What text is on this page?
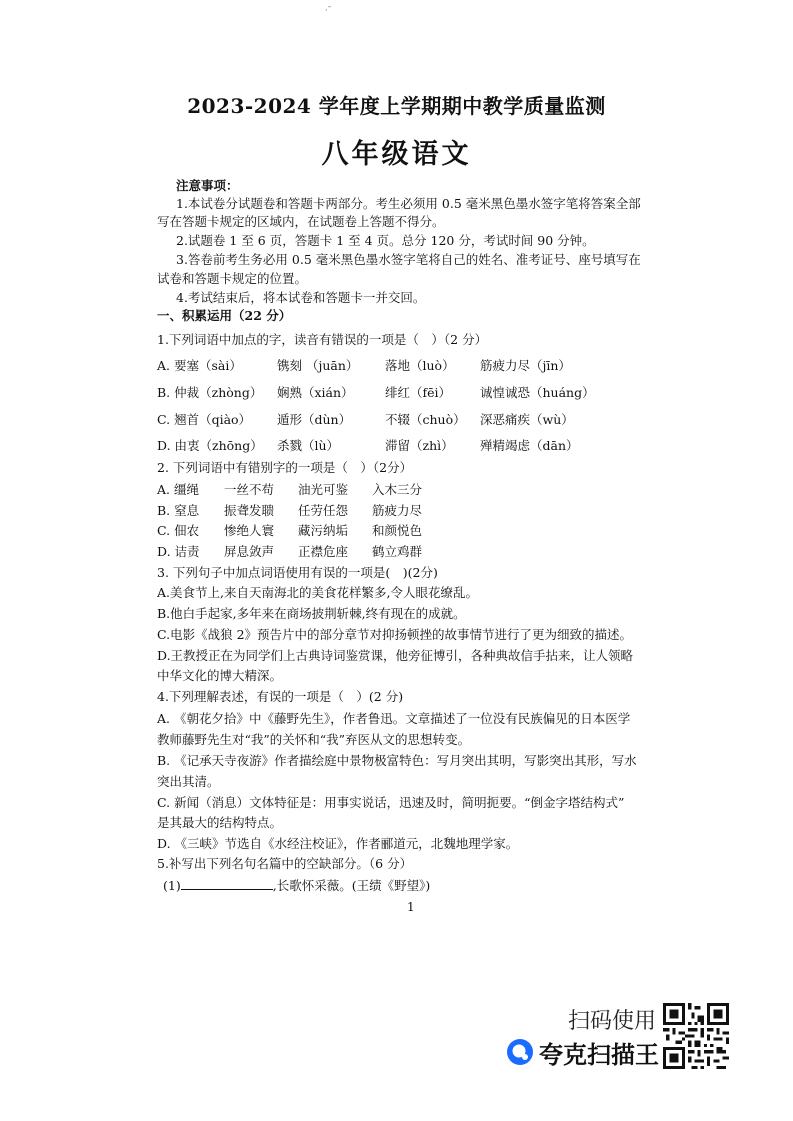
·ˉ
2023-2024 学年度上学期期中教学质量监测
八年级语文
注意事项：
1.本试卷分试题卷和答题卡两部分。考生必须用 0.5 毫米黑色墨水签字笔将答案全部
写在答题卡规定的区域内，在试题卷上答题不得分。
2.试题卷 1 至 6 页，答题卡 1 至 4 页。总分 120 分，考试时间 90 分钟。
3.答卷前考生务必用 0.5 毫米黑色墨水签字笔将自己的姓名、准考证号、座号填写在
试卷和答题卡规定的位置。
4.考试结束后，将本试卷和答题卡一并交回。
一、积累运用（22 分）
1.下列词语中加点的字，读音有错误的一项是（　）（2 分）
A. 要塞（sài）	镌刻 （juān） 落地（luò） 筋疲力尽（jīn）
B. 仲裁（zhòng） 娴熟（xián）	绯红（fēi） 诚惶诚恐（huáng）
C. 翘首（qiào） 遁形（dùn）	不辍（chuò） 深恶痛疾（wù）
D. 由衷（zhōng） 杀戮（lù）	滞留（zhì） 殚精竭虑（dān）
2. 下列词语中有错别字的一项是（　）（2分）
A. 缰绳 一丝不苟 油光可鉴 入木三分
B. 窒息 振聋发聩 任劳任怨 筋疲力尽
C. 佃农 惨绝人寰 藏污纳垢 和颜悦色
D. 诘责 屏息敛声 正襟危座 鹤立鸡群
3. 下列句子中加点词语使用有误的一项是(　)(2分)
A.美食节上,来自天南海北的美食花样繁多,令人眼花缭乱。
B.他白手起家,多年来在商场披荆斩棘,终有现在的成就。
C.电影《战狼 2》预告片中的部分章节对抑扬顿挫的故事情节进行了更为细致的描述。
D.王教授正在为同学们上古典诗词鉴赏课，他旁征博引，各种典故信手拈来，让人领略
中华文化的博大精深。
4.下列理解表述，有误的一项是（　）(2 分)
A. 《朝花夕拾》中《藤野先生》，作者鲁迅。文章描述了一位没有民族偏见的日本医学
教师藤野先生对“我”的关怀和“我”弃医从文的思想转变。
B. 《记承天寺夜游》作者描绘庭中景物极富特色：写月突出其明，写影突出其形，写水
突出其清。
C. 新闻（消息）文体特征是：用事实说话，迅速及时，简明扼要。“倒金字塔结构式”
是其最大的结构特点。
D. 《三峡》节选自《水经注校证》，作者郦道元，北魏地理学家。
5.补写出下列名句名篇中的空缺部分。（6 分）
(1)	,长歌怀采薇。(王绩《野望》)
1
扫码使用
夸克扫描王
